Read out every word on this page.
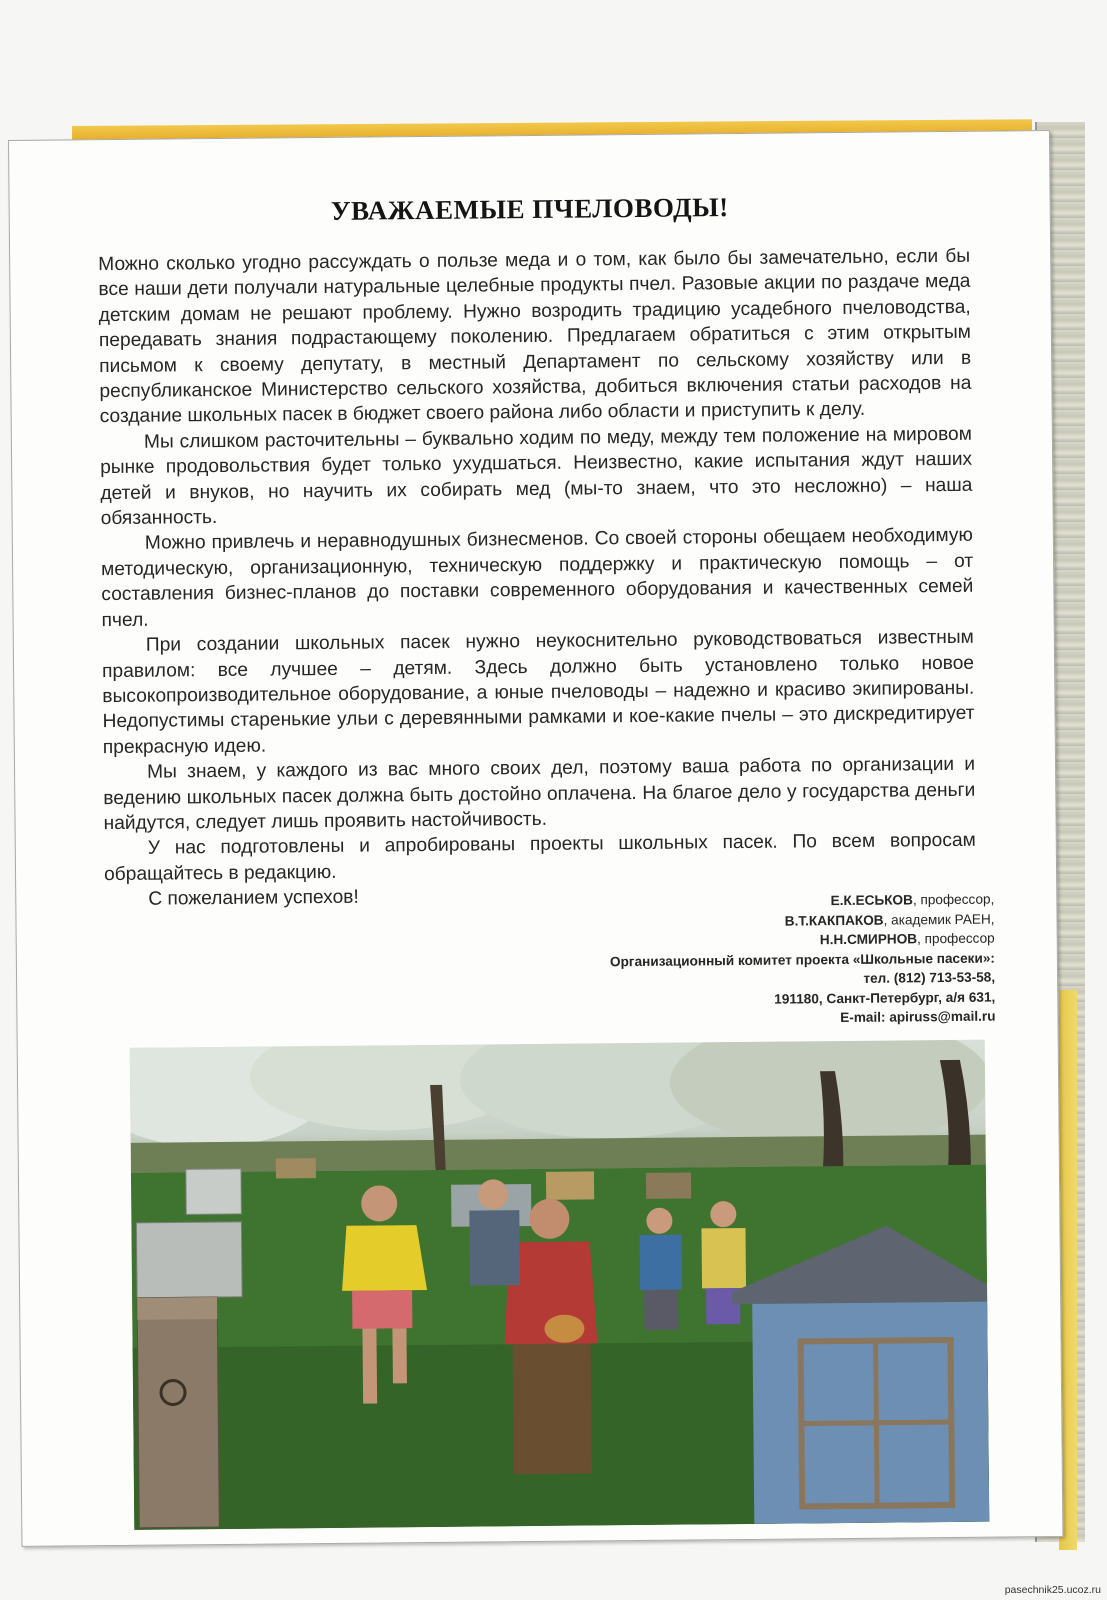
УВАЖАЕМЫЕ ПЧЕЛОВОДЫ!

Можно сколько угодно рассуждать о пользе меда и о том, как было бы замечательно, если бы все наши дети получали натуральные целебные продукты пчел. Разовые акции по раздаче меда детским домам не решают проблему. Нужно возродить традицию усадебного пчеловодства, передавать знания подрастающему поколению. Предлагаем обратиться с этим открытым письмом к своему депутату, в местный Департамент по сельскому хозяйству или в республиканское Министерство сельского хозяйства, добиться включения статьи расходов на создание школьных пасек в бюджет своего района либо области и приступить к делу.

Мы слишком расточительны – буквально ходим по меду, между тем положение на мировом рынке продовольствия будет только ухудшаться. Неизвестно, какие испытания ждут наших детей и внуков, но научить их собирать мед (мы-то знаем, что это несложно) – наша обязанность.

Можно привлечь и неравнодушных бизнесменов. Со своей стороны обещаем необходимую методическую, организационную, техническую поддержку и практическую помощь – от составления бизнес-планов до поставки современного оборудования и качественных семей пчел.

При создании школьных пасек нужно неукоснительно руководствоваться известным правилом: все лучшее – детям. Здесь должно быть установлено только новое высокопроизводительное оборудование, а юные пчеловоды – надежно и красиво экипированы. Недопустимы старенькие ульи с деревянными рамками и кое-какие пчелы – это дискредитирует прекрасную идею.

Мы знаем, у каждого из вас много своих дел, поэтому ваша работа по организации и ведению школьных пасек должна быть достойно оплачена. На благое дело у государства деньги найдутся, следует лишь проявить настойчивость.

У нас подготовлены и апробированы проекты школьных пасек. По всем вопросам обращайтесь в редакцию.

С пожеланием успехов!	Е.К.ЕСЬКОВ, профессор,
В.Т.КАКПАКОВ, академик РАЕН,
Н.Н.СМИРНОВ, профессор
Организационный комитет проекта «Школьные пасеки»:
тел. (812) 713-53-58,
191180, Санкт-Петербург, а/я 631,
E-mail: apiruss@mail.ru
pasechnik25.ucoz.ru
